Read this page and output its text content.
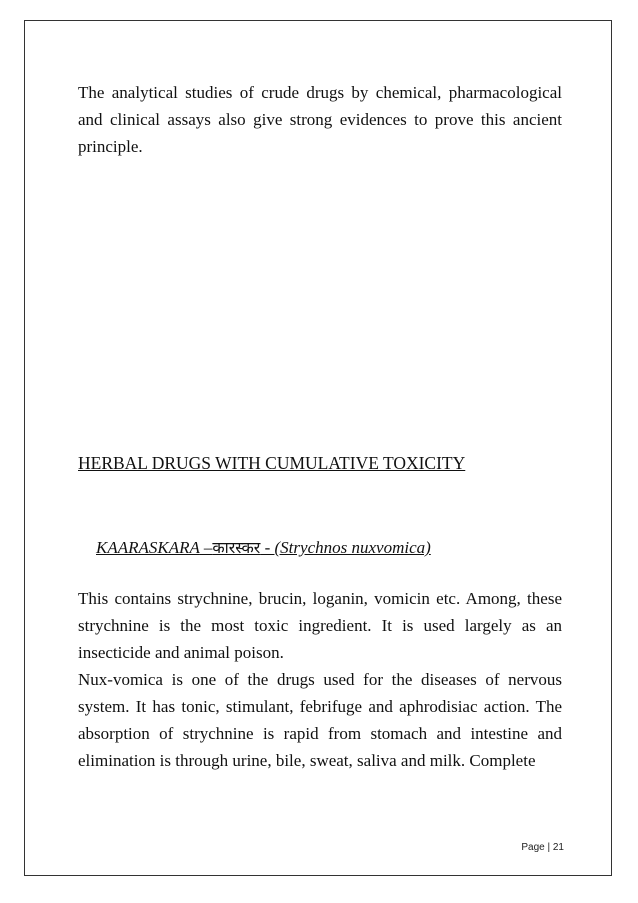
The analytical studies of crude drugs by chemical, pharmacological and clinical assays also give strong evidences to prove this ancient principle.

HERBAL DRUGS WITH CUMULATIVE TOXICITY
KAARASKARA –कारस्कर - (Strychnos nuxvomica)

This contains strychnine, brucin, loganin, vomicin etc. Among, these strychnine is the most toxic ingredient. It is used largely as an insecticide and animal poison.

Nux-vomica is one of the drugs used for the diseases of nervous system. It has tonic, stimulant, febrifuge and aphrodisiac action. The absorption of strychnine is rapid from stomach and intestine and elimination is through urine, bile, sweat, saliva and milk. Complete

Page | 21
